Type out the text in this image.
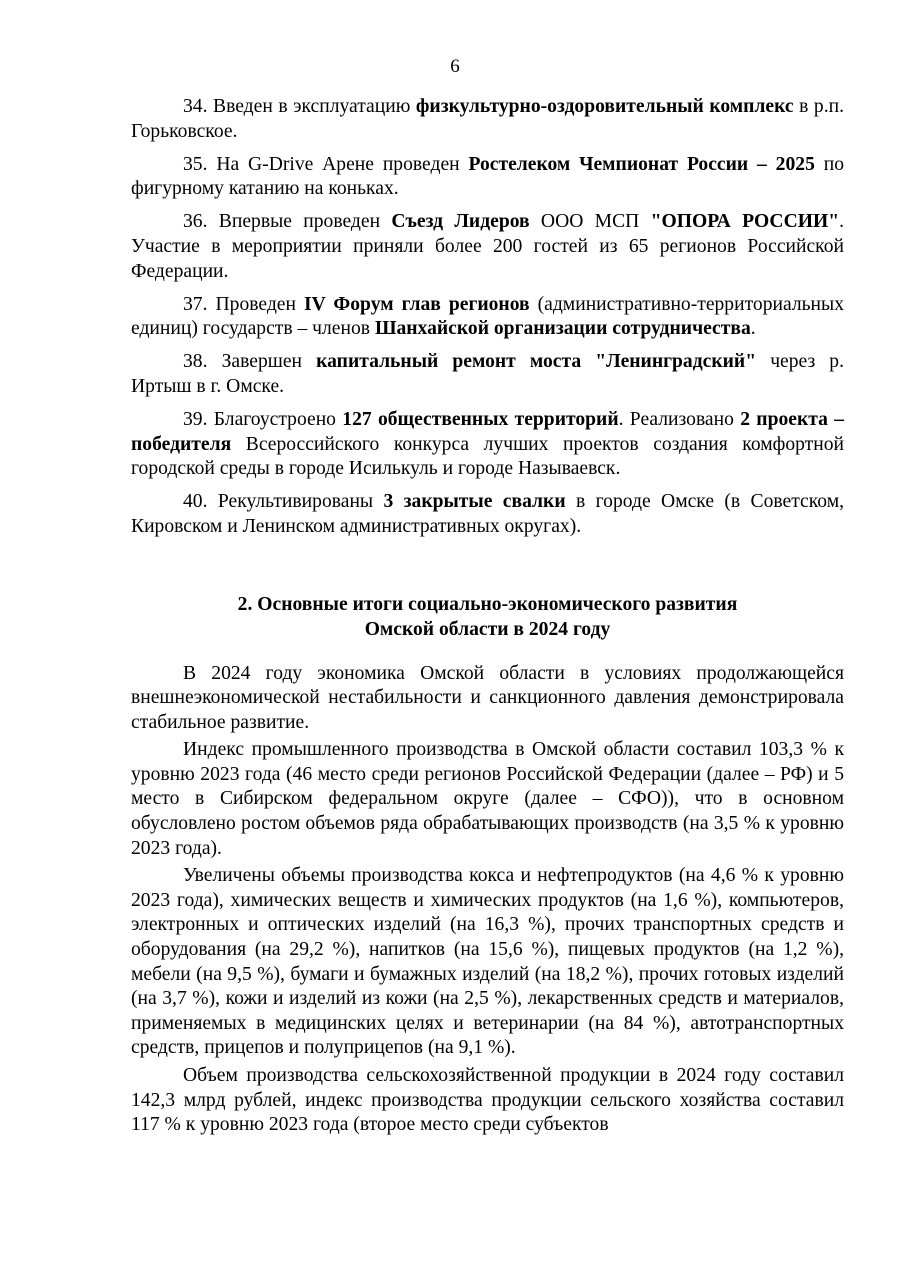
6

34. Введен в эксплуатацию физкультурно-оздоровительный комплекс в р.п. Горьковское.

35. На G-Drive Арене проведен Ростелеком Чемпионат России – 2025 по фигурному катанию на коньках.

36. Впервые проведен Съезд Лидеров ООО МСП "ОПОРА РОССИИ". Участие в мероприятии приняли более 200 гостей из 65 регионов Российской Федерации.

37. Проведен IV Форум глав регионов (административно-территориальных единиц) государств – членов Шанхайской организации сотрудничества.

38. Завершен капитальный ремонт моста "Ленинградский" через р. Иртыш в г. Омске.

39. Благоустроено 127 общественных территорий. Реализовано 2 проекта – победителя Всероссийского конкурса лучших проектов создания комфортной городской среды в городе Исилькуль и городе Называевск.

40. Рекультивированы 3 закрытые свалки в городе Омске (в Советском, Кировском и Ленинском административных округах).

2. Основные итоги социально-экономического развития
Омской области в 2024 году

В 2024 году экономика Омской области в условиях продолжающейся внешнеэкономической нестабильности и санкционного давления демонстрировала стабильное развитие.

Индекс промышленного производства в Омской области составил 103,3 % к уровню 2023 года (46 место среди регионов Российской Федерации (далее – РФ) и 5 место в Сибирском федеральном округе (далее – СФО)), что в основном обусловлено ростом объемов ряда обрабатывающих производств (на 3,5 % к уровню 2023 года).

Увеличены объемы производства кокса и нефтепродуктов (на 4,6 % к уровню 2023 года), химических веществ и химических продуктов (на 1,6 %), компьютеров, электронных и оптических изделий (на 16,3 %), прочих транспортных средств и оборудования (на 29,2 %), напитков (на 15,6 %), пищевых продуктов (на 1,2 %), мебели (на 9,5 %), бумаги и бумажных изделий (на 18,2 %), прочих готовых изделий (на 3,7 %), кожи и изделий из кожи (на 2,5 %), лекарственных средств и материалов, применяемых в медицинских целях и ветеринарии (на 84 %), автотранспортных средств, прицепов и полуприцепов (на 9,1 %).

Объем производства сельскохозяйственной продукции в 2024 году составил 142,3 млрд рублей, индекс производства продукции сельского хозяйства составил 117 % к уровню 2023 года (второе место среди субъектов
